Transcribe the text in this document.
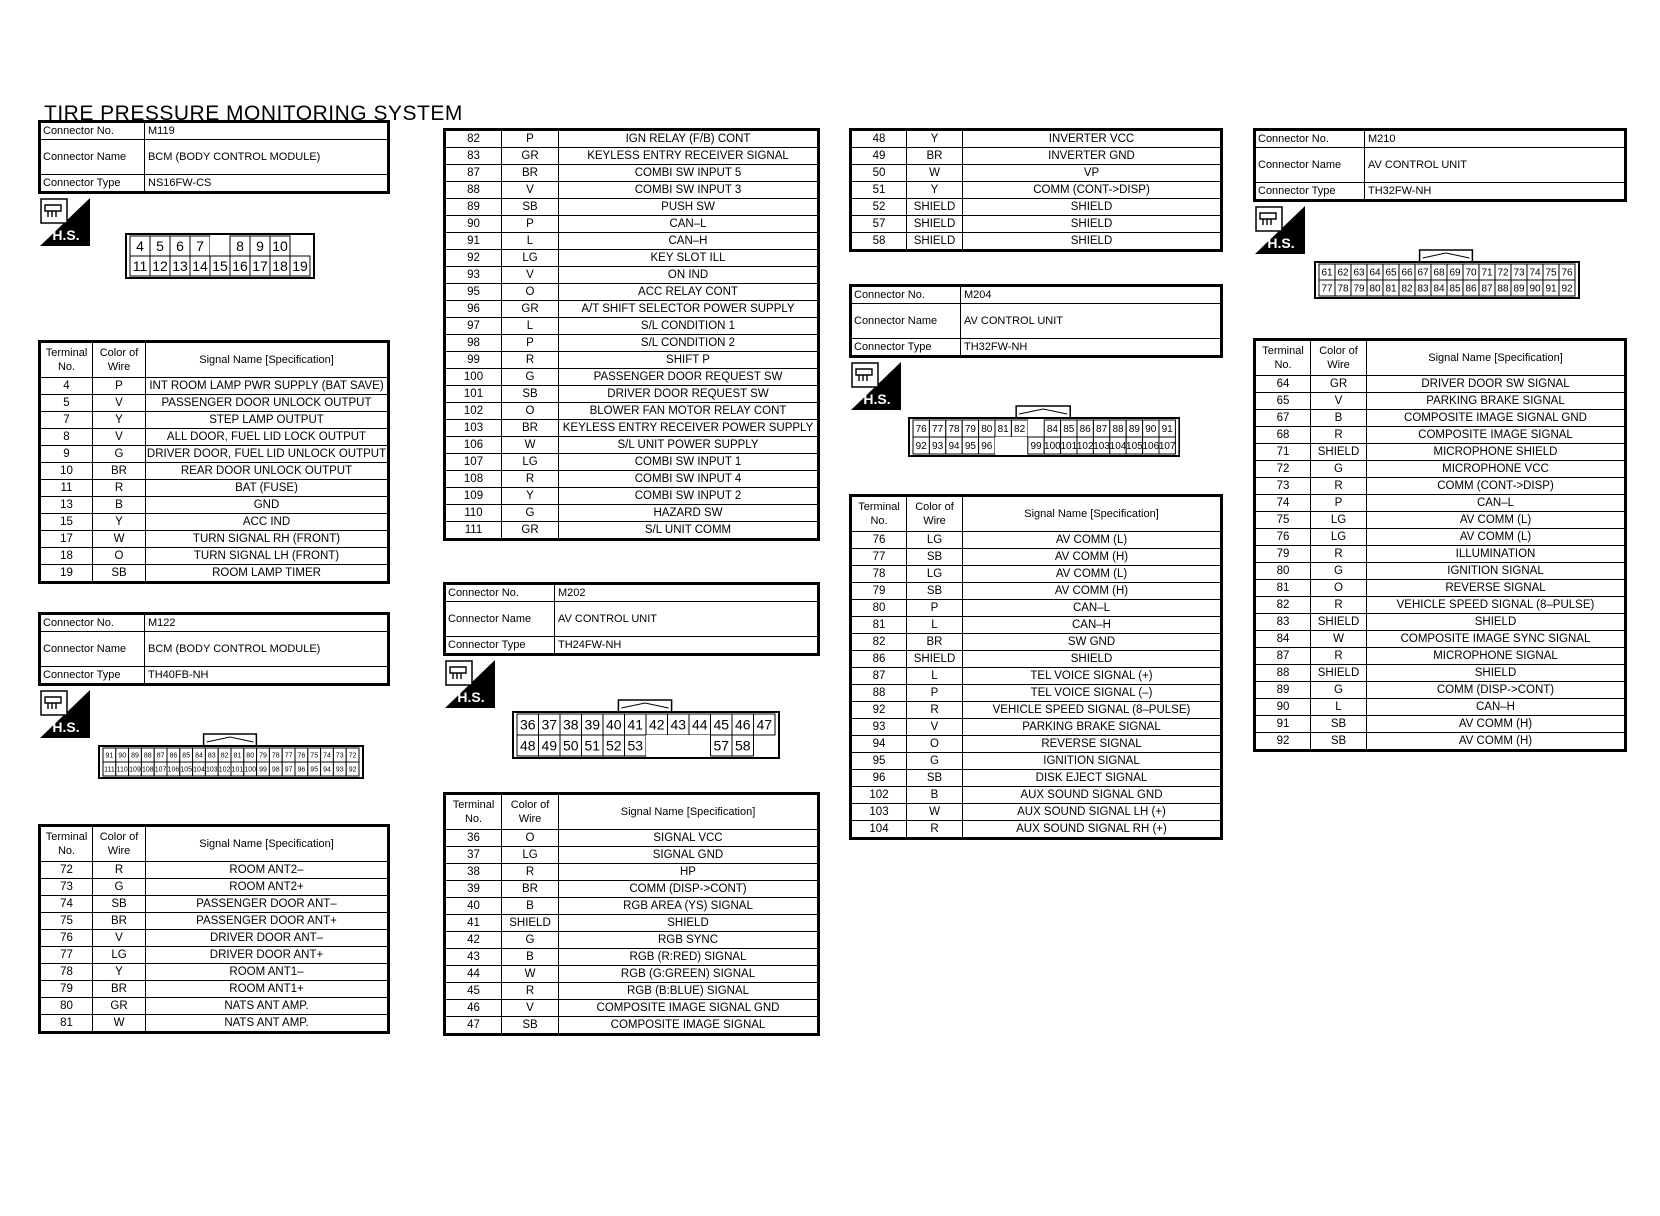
TIRE PRESSURE MONITORING SYSTEM
Connector No.	M119
Connector Name	BCM (BODY CONTROL MODULE)
Connector Type	NS16FW-CS
H.S.
4 5 6 7 8 9 10
11 12 13 14 15 16 17 18 19
Terminal No.	Color of Wire	Signal Name [Specification]
4	P	INT ROOM LAMP PWR SUPPLY (BAT SAVE)
5	V	PASSENGER DOOR UNLOCK OUTPUT
7	Y	STEP LAMP OUTPUT
8	V	ALL DOOR, FUEL LID LOCK OUTPUT
9	G	DRIVER DOOR, FUEL LID UNLOCK OUTPUT
10	BR	REAR DOOR UNLOCK OUTPUT
11	R	BAT (FUSE)
13	B	GND
15	Y	ACC IND
17	W	TURN SIGNAL RH (FRONT)
18	O	TURN SIGNAL LH (FRONT)
19	SB	ROOM LAMP TIMER
Connector No.	M122
Connector Name	BCM (BODY CONTROL MODULE)
Connector Type	TH40FB-NH
H.S.
91 90 89 88 87 86 85 84 83 82 81 80 79 78 77 76 75 74 73 72
111 110 109 108 107 106 105 104 103 102 101 100 99 98 97 96 95 94 93 92
Terminal No.	Color of Wire	Signal Name [Specification]
72	R	ROOM ANT2–
73	G	ROOM ANT2+
74	SB	PASSENGER DOOR ANT–
75	BR	PASSENGER DOOR ANT+
76	V	DRIVER DOOR ANT–
77	LG	DRIVER DOOR ANT+
78	Y	ROOM ANT1–
79	BR	ROOM ANT1+
80	GR	NATS ANT AMP.
81	W	NATS ANT AMP.
82	P	IGN RELAY (F/B) CONT
83	GR	KEYLESS ENTRY RECEIVER SIGNAL
87	BR	COMBI SW INPUT 5
88	V	COMBI SW INPUT 3
89	SB	PUSH SW
90	P	CAN–L
91	L	CAN–H
92	LG	KEY SLOT ILL
93	V	ON IND
95	O	ACC RELAY CONT
96	GR	A/T SHIFT SELECTOR POWER SUPPLY
97	L	S/L CONDITION 1
98	P	S/L CONDITION 2
99	R	SHIFT P
100	G	PASSENGER DOOR REQUEST SW
101	SB	DRIVER DOOR REQUEST SW
102	O	BLOWER FAN MOTOR RELAY CONT
103	BR	KEYLESS ENTRY RECEIVER POWER SUPPLY
106	W	S/L UNIT POWER SUPPLY
107	LG	COMBI SW INPUT 1
108	R	COMBI SW INPUT 4
109	Y	COMBI SW INPUT 2
110	G	HAZARD SW
111	GR	S/L UNIT COMM
Connector No.	M202
Connector Name	AV CONTROL UNIT
Connector Type	TH24FW-NH
H.S.
36 37 38 39 40 41 42 43 44 45 46 47
48 49 50 51 52 53	57 58
Terminal No.	Color of Wire	Signal Name [Specification]
36	O	SIGNAL VCC
37	LG	SIGNAL GND
38	R	HP
39	BR	COMM (DISP->CONT)
40	B	RGB AREA (YS) SIGNAL
41	SHIELD	SHIELD
42	G	RGB SYNC
43	B	RGB (R:RED) SIGNAL
44	W	RGB (G:GREEN) SIGNAL
45	R	RGB (B:BLUE) SIGNAL
46	V	COMPOSITE IMAGE SIGNAL GND
47	SB	COMPOSITE IMAGE SIGNAL
48	Y	INVERTER VCC
49	BR	INVERTER GND
50	W	VP
51	Y	COMM (CONT->DISP)
52	SHIELD	SHIELD
57	SHIELD	SHIELD
58	SHIELD	SHIELD
Connector No.	M204
Connector Name	AV CONTROL UNIT
Connector Type	TH32FW-NH
H.S.
76 77 78 79 80 81 82 84 85 86 87 88 89 90 91
92 93 94 95 96	99 100 101 102 103 104 105 106 107
Terminal No.	Color of Wire	Signal Name [Specification]
76	LG	AV COMM (L)
77	SB	AV COMM (H)
78	LG	AV COMM (L)
79	SB	AV COMM (H)
80	P	CAN–L
81	L	CAN–H
82	BR	SW GND
86	SHIELD	SHIELD
87	L	TEL VOICE SIGNAL (+)
88	P	TEL VOICE SIGNAL (–)
92	R	VEHICLE SPEED SIGNAL (8–PULSE)
93	V	PARKING BRAKE SIGNAL
94	O	REVERSE SIGNAL
95	G	IGNITION SIGNAL
96	SB	DISK EJECT SIGNAL
102	B	AUX SOUND SIGNAL GND
103	W	AUX SOUND SIGNAL LH (+)
104	R	AUX SOUND SIGNAL RH (+)
Connector No.	M210
Connector Name	AV CONTROL UNIT
Connector Type	TH32FW-NH
H.S.
61 62 63 64 65 66 67 68 69 70 71 72 73 74 75 76
77 78 79 80 81 82 83 84 85 86 87 88 89 90 91 92
Terminal No.	Color of Wire	Signal Name [Specification]
64	GR	DRIVER DOOR SW SIGNAL
65	V	PARKING BRAKE SIGNAL
67	B	COMPOSITE IMAGE SIGNAL GND
68	R	COMPOSITE IMAGE SIGNAL
71	SHIELD	MICROPHONE SHIELD
72	G	MICROPHONE VCC
73	R	COMM (CONT->DISP)
74	P	CAN–L
75	LG	AV COMM (L)
76	LG	AV COMM (L)
79	R	ILLUMINATION
80	G	IGNITION SIGNAL
81	O	REVERSE SIGNAL
82	R	VEHICLE SPEED SIGNAL (8–PULSE)
83	SHIELD	SHIELD
84	W	COMPOSITE IMAGE SYNC SIGNAL
87	R	MICROPHONE SIGNAL
88	SHIELD	SHIELD
89	G	COMM (DISP->CONT)
90	L	CAN–H
91	SB	AV COMM (H)
92	SB	AV COMM (H)
